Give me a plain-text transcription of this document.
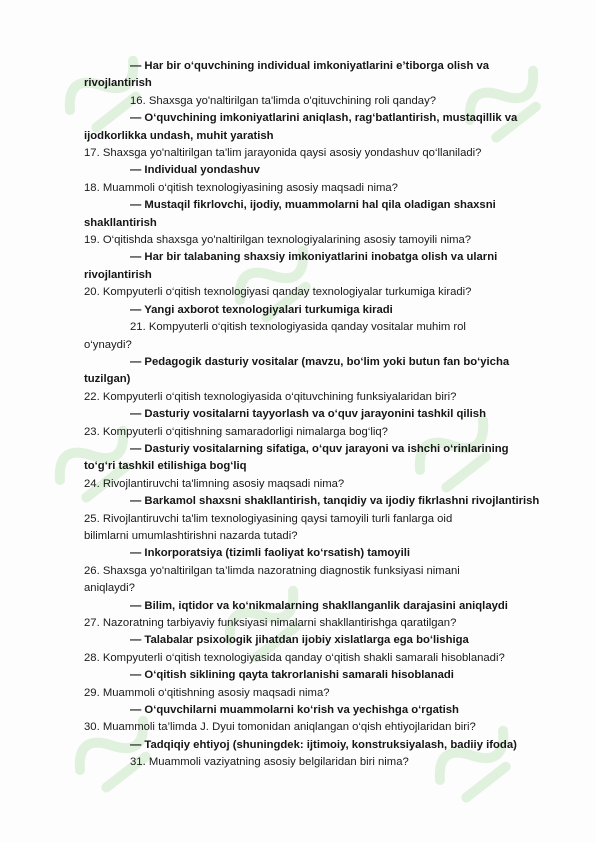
— Har bir o‘quvchining individual imkoniyatlarini e’tiborga olish va
rivojlantirish
16. Shaxsga yo'naltirilgan ta'limda o'qituvchining roli qanday?
— O‘quvchining imkoniyatlarini aniqlash, rag‘batlantirish, mustaqillik va
ijodkorlikka undash, muhit yaratish
17. Shaxsga yo'naltirilgan ta'lim jarayonida qaysi asosiy yondashuv qo‘llaniladi?
— Individual yondashuv
18. Muammoli o‘qitish texnologiyasining asosiy maqsadi nima?
— Mustaqil fikrlovchi, ijodiy, muammolarni hal qila oladigan shaxsni
shakllantirish
19. O‘qitishda shaxsga yo'naltirilgan texnologiyalarining asosiy tamoyili nima?
— Har bir talabaning shaxsiy imkoniyatlarini inobatga olish va ularni
rivojlantirish
20. Kompyuterli o‘qitish texnologiyasi qanday texnologiyalar turkumiga kiradi?
— Yangi axborot texnologiyalari turkumiga kiradi
21. Kompyuterli o‘qitish texnologiyasida qanday vositalar muhim rol
o‘ynaydi?
— Pedagogik dasturiy vositalar (mavzu, bo‘lim yoki butun fan bo‘yicha
tuzilgan)
22. Kompyuterli o‘qitish texnologiyasida o‘qituvchining funksiyalaridan biri?
— Dasturiy vositalarni tayyorlash va o‘quv jarayonini tashkil qilish
23. Kompyuterli o‘qitishning samaradorligi nimalarga bog‘liq?
— Dasturiy vositalarning sifatiga, o‘quv jarayoni va ishchi o‘rinlarining
to‘g‘ri tashkil etilishiga bog‘liq
24. Rivojlantiruvchi ta'limning asosiy maqsadi nima?
— Barkamol shaxsni shakllantirish, tanqidiy va ijodiy fikrlashni rivojlantirish
25. Rivojlantiruvchi ta'lim texnologiyasining qaysi tamoyili turli fanlarga oid
bilimlarni umumlashtirishni nazarda tutadi?
— Inkorporatsiya (tizimli faoliyat ko‘rsatish) tamoyili
26. Shaxsga yo'naltirilgan ta’limda nazoratning diagnostik funksiyasi nimani
aniqlaydi?
— Bilim, iqtidor va ko‘nikmalarning shakllanganlik darajasini aniqlaydi
27. Nazoratning tarbiyaviy funksiyasi nimalarni shakllantirishga qaratilgan?
— Talabalar psixologik jihatdan ijobiy xislatlarga ega bo‘lishiga
28. Kompyuterli o‘qitish texnologiyasida qanday o‘qitish shakli samarali hisoblanadi?
— O‘qitish siklining qayta takrorlanishi samarali hisoblanadi
29. Muammoli o‘qitishning asosiy maqsadi nima?
— O‘quvchilarni muammolarni ko‘rish va yechishga o‘rgatish
30. Muammoli ta’limda J. Dyui tomonidan aniqlangan o‘qish ehtiyojlaridan biri?
— Tadqiqiy ehtiyoj (shuningdek: ijtimoiy, konstruksiyalash, badiiy ifoda)
31. Muammoli vaziyatning asosiy belgilaridan biri nima?
